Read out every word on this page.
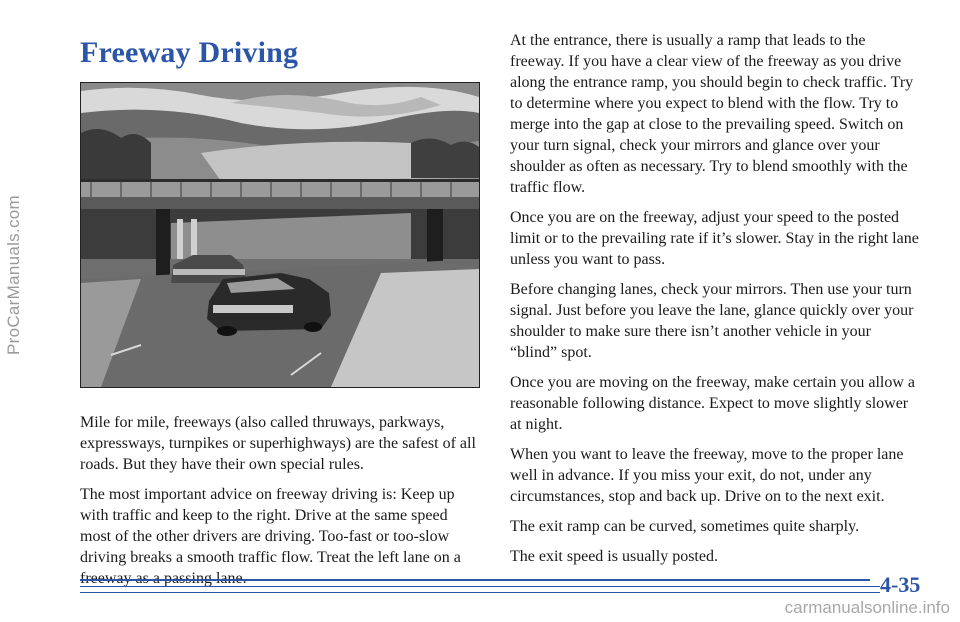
ProCarManuals.com
Freeway Driving

Mile for mile, freeways (also called thruways, parkways, expressways, turnpikes or superhighways) are the safest of all roads. But they have their own special rules.

The most important advice on freeway driving is: Keep up with traffic and keep to the right. Drive at the same speed most of the other drivers are driving. Too-fast or too-slow driving breaks a smooth traffic flow. Treat the left lane on a

At the entrance, there is usually a ramp that leads to the freeway. If you have a clear view of the freeway as you drive along the entrance ramp, you should begin to check traffic. Try to determine where you expect to blend with the flow. Try to merge into the gap at close to the prevailing speed. Switch on your turn signal, check your mirrors and glance over your shoulder as often as necessary. Try to blend smoothly with the traffic flow.

Once you are on the freeway, adjust your speed to the posted limit or to the prevailing rate if it’s slower. Stay in the right lane unless you want to pass.

Before changing lanes, check your mirrors. Then use your turn signal. Just before you leave the lane, glance quickly over your shoulder to make sure there isn’t another vehicle in your “blind” spot.

Once you are moving on the freeway, make certain you allow a reasonable following distance. Expect to move slightly slower at night.

When you want to leave the freeway, move to the proper lane well in advance. If you miss your exit, do not, under any circumstances, stop and back up. Drive on to the next exit.

The exit ramp can be curved, sometimes quite sharply.

The exit speed is usually posted.

4-35
carmanualsonline.info
